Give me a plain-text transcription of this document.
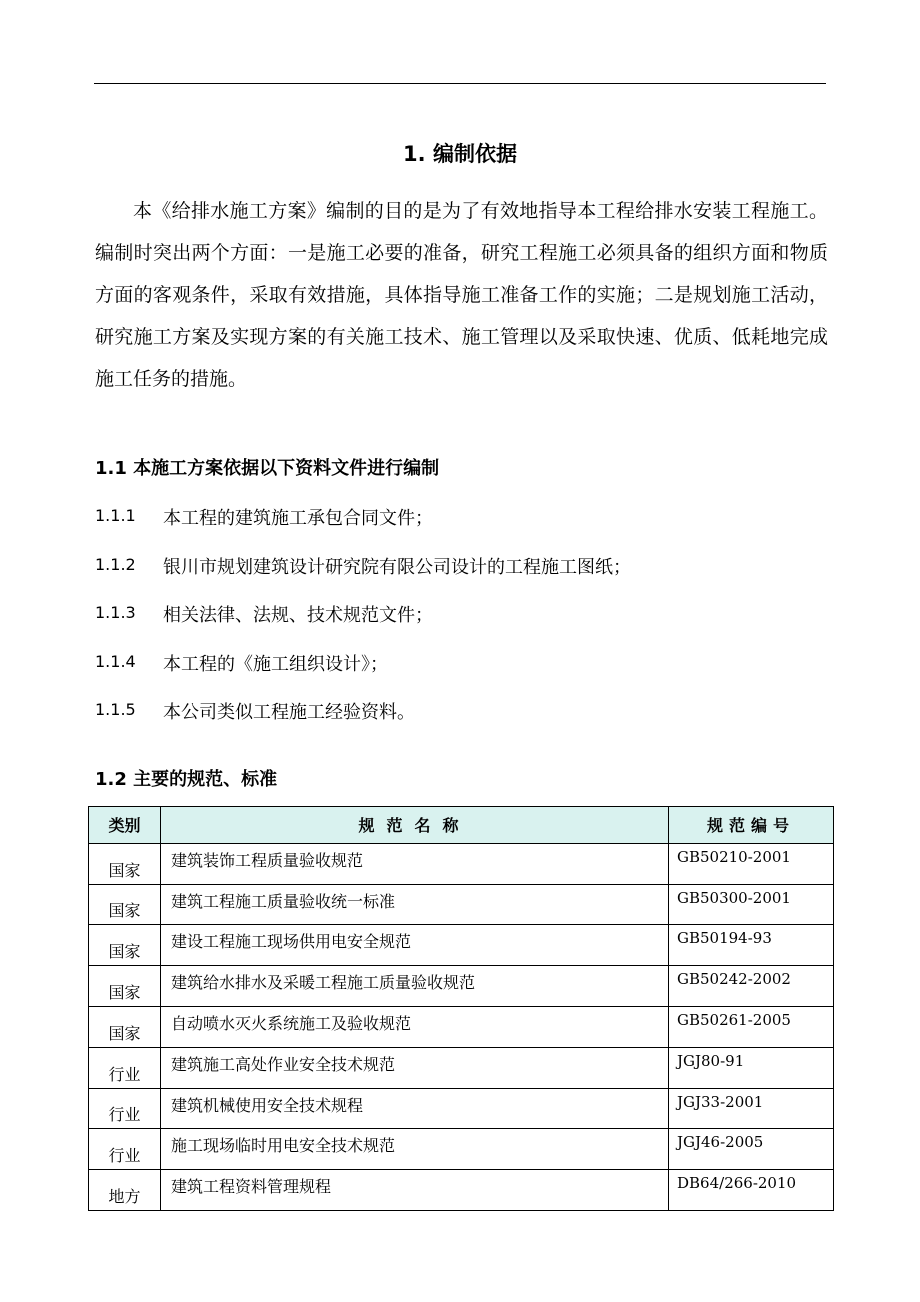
1. 编制依据

本《给排水施工方案》编制的目的是为了有效地指导本工程给排水安装工程施工。编制时突出两个方面：一是施工必要的准备，研究工程施工必须具备的组织方面和物质方面的客观条件，采取有效措施，具体指导施工准备工作的实施；二是规划施工活动，研究施工方案及实现方案的有关施工技术、施工管理以及采取快速、优质、低耗地完成施工任务的措施。

1.1 本施工方案依据以下资料文件进行编制
1.1.1	本工程的建筑施工承包合同文件；
1.1.2	银川市规划建筑设计研究院有限公司设计的工程施工图纸；
1.1.3	相关法律、法规、技术规范文件；
1.1.4	本工程的《施工组织设计》；
1.1.5	本公司类似工程施工经验资料。
1.2 主要的规范、标准
类别	规范名称	规范编号
国家	建筑装饰工程质量验收规范	GB50210-2001
国家	建筑工程施工质量验收统一标准	GB50300-2001
国家	建设工程施工现场供用电安全规范	GB50194-93
国家	建筑给水排水及采暖工程施工质量验收规范	GB50242-2002
国家	自动喷水灭火系统施工及验收规范	GB50261-2005
行业	建筑施工高处作业安全技术规范	JGJ80-91
行业	建筑机械使用安全技术规程	JGJ33-2001
行业	施工现场临时用电安全技术规范	JGJ46-2005
地方	建筑工程资料管理规程	DB64/266-2010
